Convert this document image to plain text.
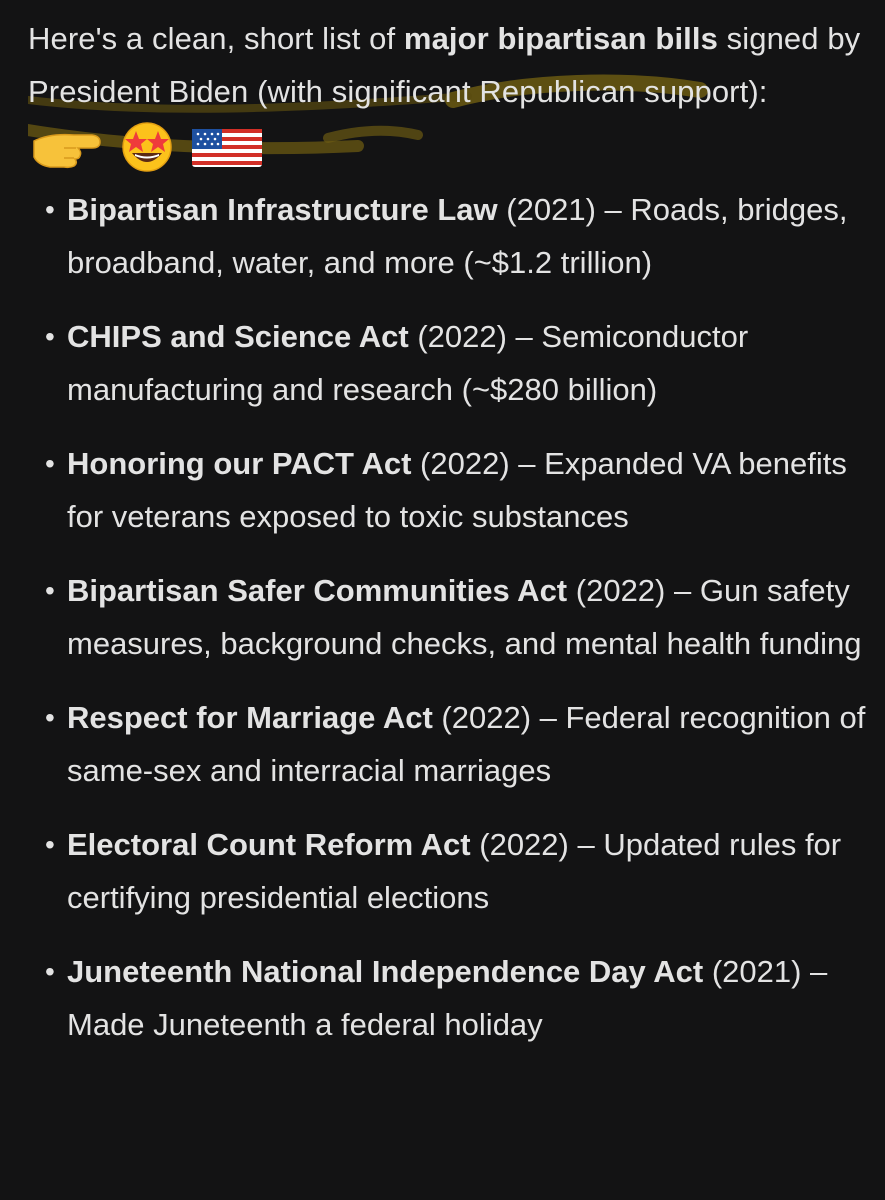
Here's a clean, short list of major bipartisan bills signed by President Biden (with significant Republican support):

• Bipartisan Infrastructure Law (2021) – Roads, bridges, broadband, water, and more (~$1.2 trillion)
• CHIPS and Science Act (2022) – Semiconductor manufacturing and research (~$280 billion)
• Honoring our PACT Act (2022) – Expanded VA benefits for veterans exposed to toxic substances
• Bipartisan Safer Communities Act (2022) – Gun safety measures, background checks, and mental health funding
• Respect for Marriage Act (2022) – Federal recognition of same-sex and interracial marriages
• Electoral Count Reform Act (2022) – Updated rules for certifying presidential elections
• Juneteenth National Independence Day Act (2021) – Made Juneteenth a federal holiday
